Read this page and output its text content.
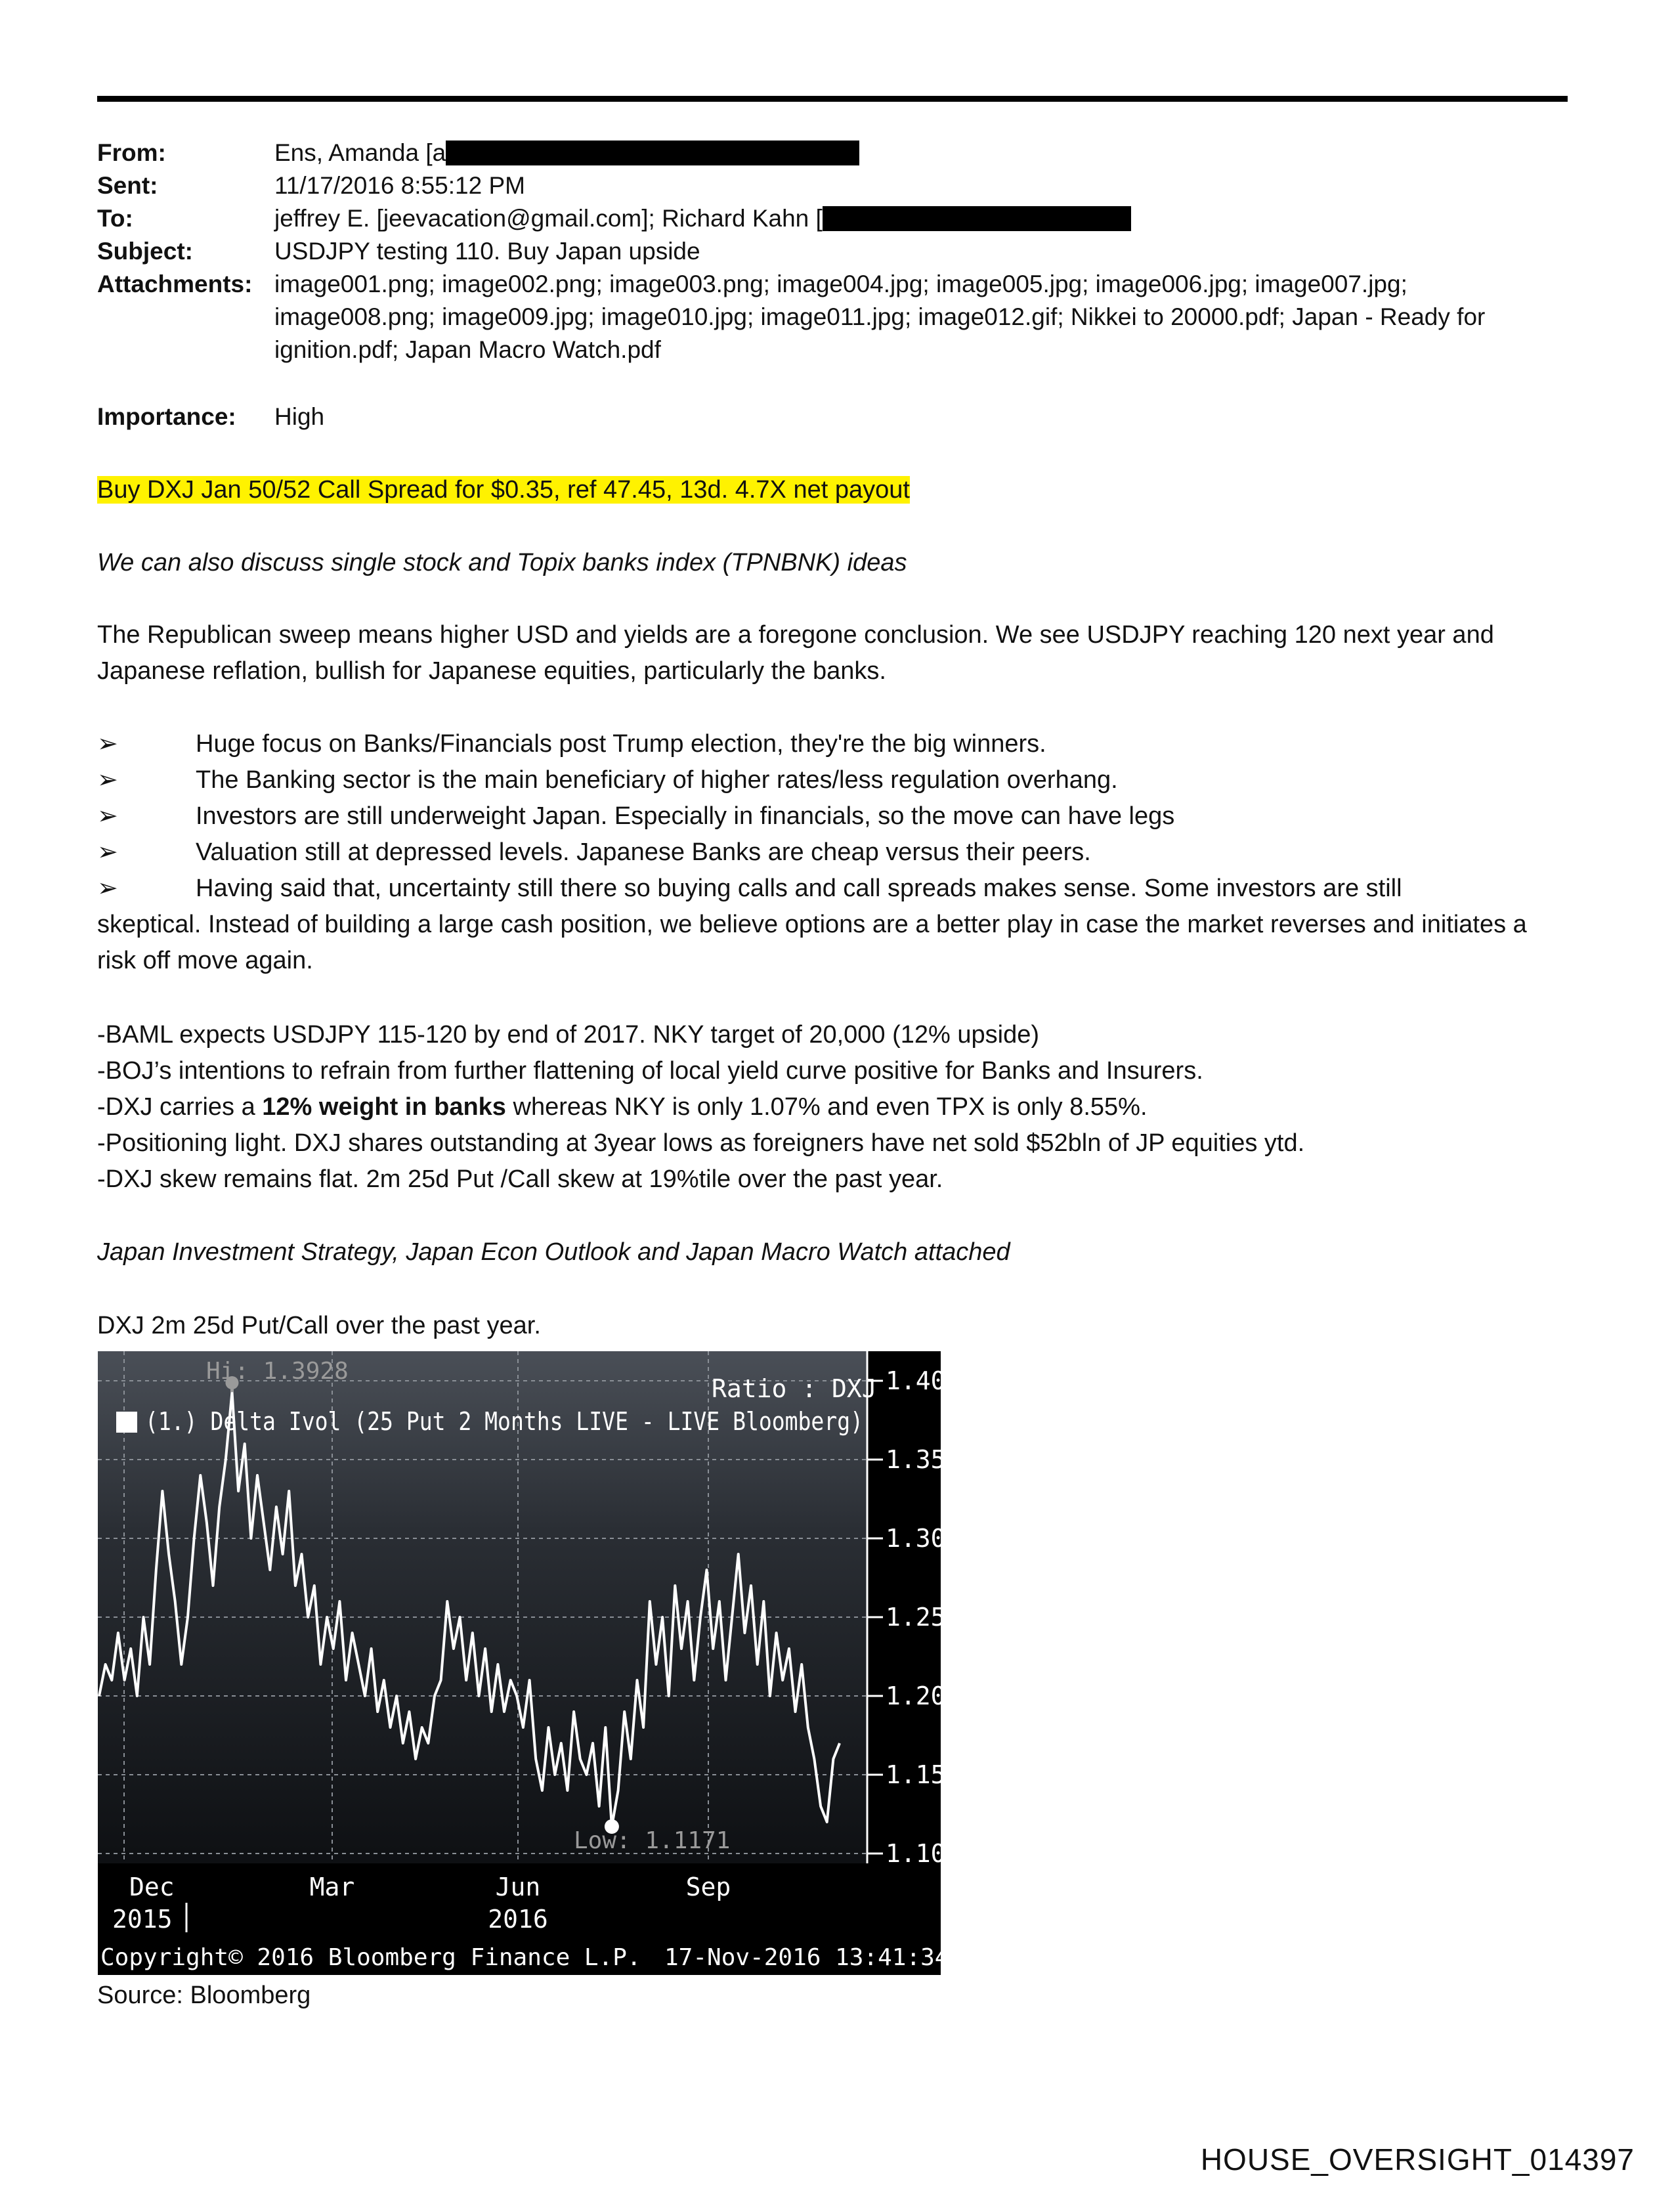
From:	Ens, Amanda [a
Sent:	11/17/2016 8:55:12 PM
To:	jeffrey E. [jeevacation@gmail.com]; Richard Kahn [
Subject:	USDJPY testing 110. Buy Japan upside
Attachments: image001.png; image002.png; image003.png; image004.jpg; image005.jpg; image006.jpg; image007.jpg;
image008.png; image009.jpg; image010.jpg; image011.jpg; image012.gif; Nikkei to 20000.pdf; Japan - Ready for
ignition.pdf; Japan Macro Watch.pdf
Importance:	High
Buy DXJ Jan 50/52 Call Spread for $0.35, ref 47.45, 13d. 4.7X net payout
We can also discuss single stock and Topix banks index (TPNBNK) ideas
The Republican sweep means higher USD and yields are a foregone conclusion. We see USDJPY reaching 120 next year and Japanese reflation, bullish for Japanese equities, particularly the banks.
➢	Huge focus on Banks/Financials post Trump election, they're the big winners.
➢	The Banking sector is the main beneficiary of higher rates/less regulation overhang.
➢	Investors are still underweight Japan. Especially in financials, so the move can have legs
➢	Valuation still at depressed levels. Japanese Banks are cheap versus their peers.
➢	Having said that, uncertainty still there so buying calls and call spreads makes sense. Some investors are still
skeptical. Instead of building a large cash position, we believe options are a better play in case the market reverses and initiates a risk off move again.
-BAML expects USDJPY 115-120 by end of 2017. NKY target of 20,000 (12% upside)
-BOJ’s intentions to refrain from further flattening of local yield curve positive for Banks and Insurers.
-DXJ carries a 12% weight in banks whereas NKY is only 1.07% and even TPX is only 8.55%.
-Positioning light. DXJ shares outstanding at 3year lows as foreigners have net sold $52bln of JP equities ytd.
-DXJ skew remains flat. 2m 25d Put /Call skew at 19%tile over the past year.
Japan Investment Strategy, Japan Econ Outlook and Japan Macro Watch attached
DXJ 2m 25d Put/Call over the past year.
1.40
1.35
1.30
1.25
1.20
1.15
1.10
Ratio : DXJ
(1.) Delta Ivol (25 Put 2 Months LIVE - LIVE Bloomberg)
Hi: 1.3928
Low: 1.1171
Dec	Mar	Jun	Sep
2015	2016
Copyright© 2016 Bloomberg Finance L.P. 17-Nov-2016 13:41:34
Source: Bloomberg
HOUSE_OVERSIGHT_014397
